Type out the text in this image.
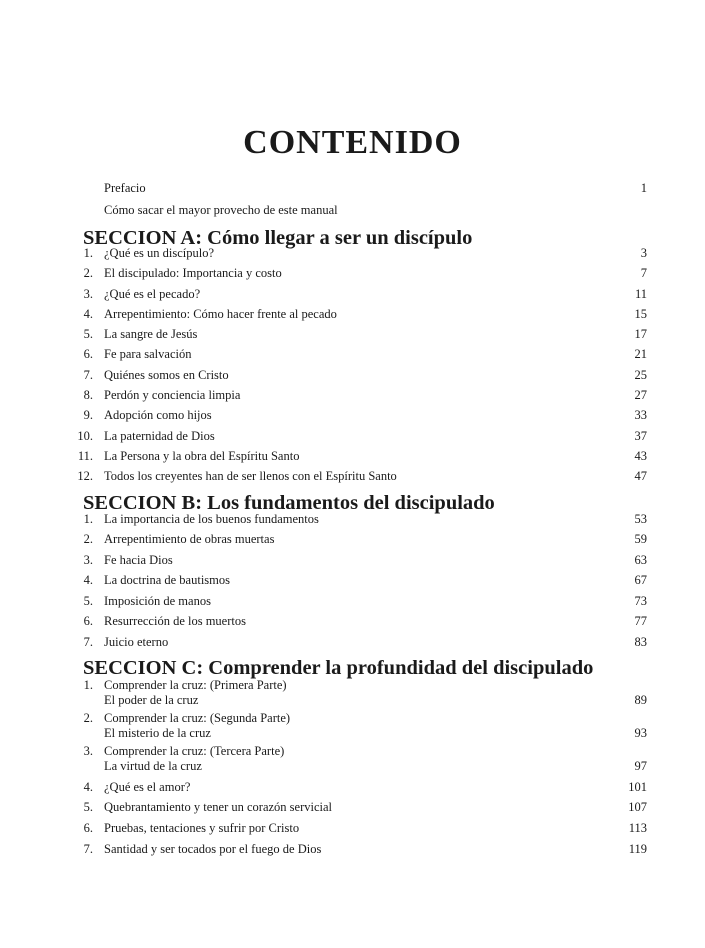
CONTENIDO
Prefacio	1
Cómo sacar el mayor provecho de este manual
SECCION A: Cómo llegar a ser un discípulo
1. ¿Qué es un discípulo?	3
2. El discipulado: Importancia y costo	7
3. ¿Qué es el pecado?	11
4. Arrepentimiento: Cómo hacer frente al pecado	15
5. La sangre de Jesús	17
6. Fe para salvación	21
7. Quiénes somos en Cristo	25
8. Perdón y conciencia limpia	27
9. Adopción como hijos	33
10. La paternidad de Dios	37
11. La Persona y la obra del Espíritu Santo	43
12. Todos los creyentes han de ser llenos con el Espíritu Santo	47
SECCION B: Los fundamentos del discipulado
1. La importancia de los buenos fundamentos	53
2. Arrepentimiento de obras muertas	59
3. Fe hacia Dios	63
4. La doctrina de bautismos	67
5. Imposición de manos	73
6. Resurrección de los muertos	77
7. Juicio eterno	83
SECCION C: Comprender la profundidad del discipulado
1. Comprender la cruz: (Primera Parte)
El poder de la cruz	89
2. Comprender la cruz: (Segunda Parte)
El misterio de la cruz	93
3. Comprender la cruz: (Tercera Parte)
La virtud de la cruz	97
4. ¿Qué es el amor?	101
5. Quebrantamiento y tener un corazón servicial	107
6. Pruebas, tentaciones y sufrir por Cristo	113
7. Santidad y ser tocados por el fuego de Dios	119
